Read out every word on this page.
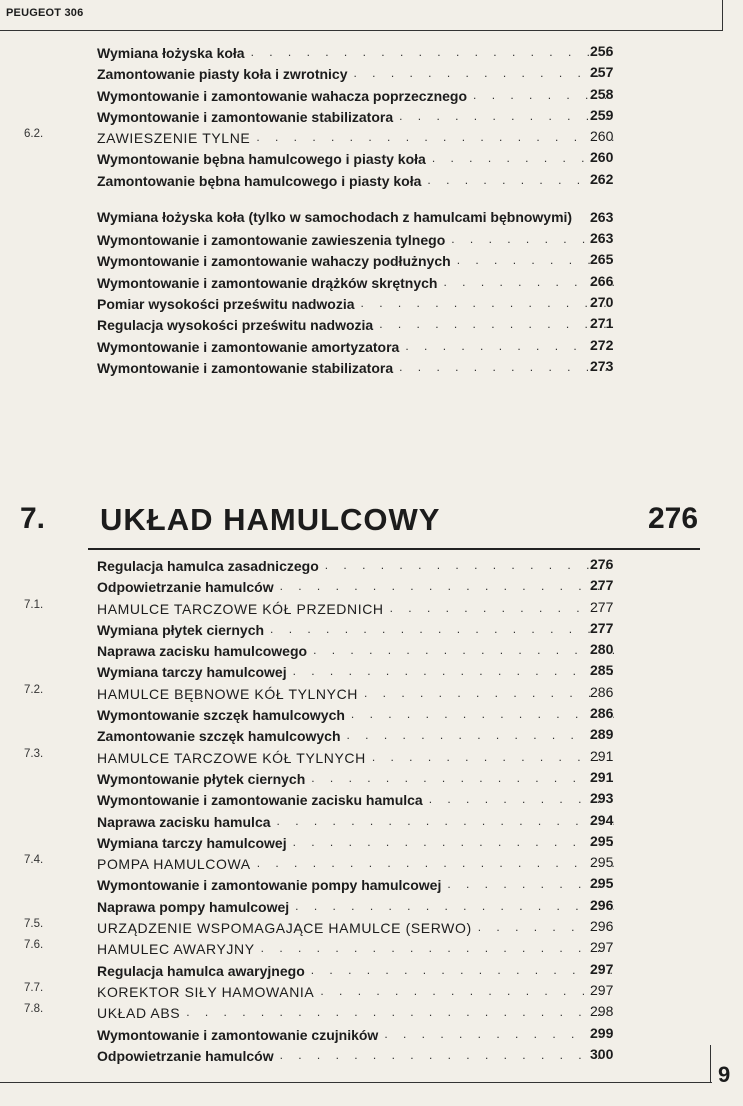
PEUGEOT 306
Wymiana łożyska koła . . .	256
Zamontowanie piasty koła i zwrotnicy . . .	257
Wymontowanie i zamontowanie wahacza poprzecznego . . .	258
Wymontowanie i zamontowanie stabilizatora . . .	259
6.2.	ZAWIESZENIE TYLNE . . .	260
Wymontowanie bębna hamulcowego i piasty koła . . .	260
Zamontowanie bębna hamulcowego i piasty koła . . .	262
Wymiana łożyska koła (tylko w samochodach z hamulcami bębnowymi)	263
Wymontowanie i zamontowanie zawieszenia tylnego . . .	263
Wymontowanie i zamontowanie wahaczy podłużnych . . .	265
Wymontowanie i zamontowanie drążków skrętnych . . .	266
Pomiar wysokości prześwitu nadwozia . . .	270
Regulacja wysokości prześwitu nadwozia . . .	271
Wymontowanie i zamontowanie amortyzatora . . .	272
Wymontowanie i zamontowanie stabilizatora . . .	273
7. UKŁAD HAMULCOWY	276
Regulacja hamulca zasadniczego . . .	276
Odpowietrzanie hamulców . . .	277
7.1.	HAMULCE TARCZOWE KÓŁ PRZEDNICH . . .	277
Wymiana płytek ciernych . . .	277
Naprawa zacisku hamulcowego . . .	280
Wymiana tarczy hamulcowej . . .	285
7.2.	HAMULCE BĘBNOWE KÓŁ TYLNYCH . . .	286
Wymontowanie szczęk hamulcowych . . .	286
Zamontowanie szczęk hamulcowych . . .	289
7.3.	HAMULCE TARCZOWE KÓŁ TYLNYCH . . .	291
Wymontowanie płytek ciernych . . .	291
Wymontowanie i zamontowanie zacisku hamulca . . .	293
Naprawa zacisku hamulca . . .	294
Wymiana tarczy hamulcowej . . .	295
7.4.	POMPA HAMULCOWA . . .	295
Wymontowanie i zamontowanie pompy hamulcowej . . .	295
Naprawa pompy hamulcowej . . .	296
7.5.	URZĄDZENIE WSPOMAGAJĄCE HAMULCE (SERWO) . . .	296
7.6.	HAMULEC AWARYJNY . . .	297
Regulacja hamulca awaryjnego . . .	297
7.7.	KOREKTOR SIŁY HAMOWANIA . . .	297
7.8.	UKŁAD ABS . . .	298
Wymontowanie i zamontowanie czujników . . .	299
Odpowietrzanie hamulców . . .	300
9
